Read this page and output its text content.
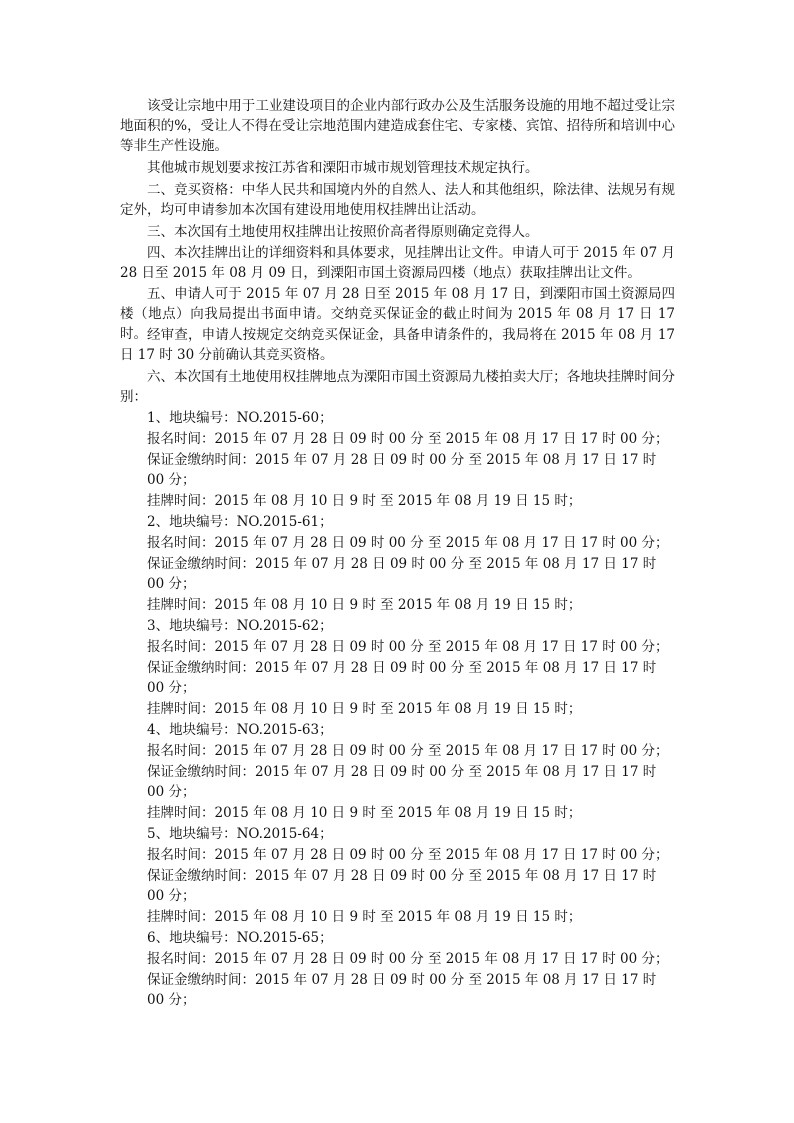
该受让宗地中用于工业建设项目的企业内部行政办公及生活服务设施的用地不超过受让宗地面积的%，受让人不得在受让宗地范围内建造成套住宅、专家楼、宾馆、招待所和培训中心等非生产性设施。

其他城市规划要求按江苏省和溧阳市城市规划管理技术规定执行。

二、竞买资格：中华人民共和国境内外的自然人、法人和其他组织，除法律、法规另有规定外，均可申请参加本次国有建设用地使用权挂牌出让活动。

三、本次国有土地使用权挂牌出让按照价高者得原则确定竞得人。

四、本次挂牌出让的详细资料和具体要求，见挂牌出让文件。申请人可于 2015 年 07 月 28 日至 2015 年 08 月 09 日，到溧阳市国土资源局四楼（地点）获取挂牌出让文件。

五、申请人可于 2015 年 07 月 28 日至 2015 年 08 月 17 日，到溧阳市国土资源局四楼（地点）向我局提出书面申请。交纳竞买保证金的截止时间为 2015 年 08 月 17 日 17 时。 经审查，申请人按规定交纳竞买保证金，具备申请条件的，我局将在 2015 年 08 月 17 日 17 时 30 分前确认其竞买资格。

六、本次国有土地使用权挂牌地点为溧阳市国土资源局九楼拍卖大厅；各地块挂牌时间分别：

1、地块编号：NO.2015-60；

报名时间：2015 年 07 月 28 日 09 时 00 分 至 2015 年 08 月 17 日 17 时 00 分；

保证金缴纳时间：2015 年 07 月 28 日 09 时 00 分 至 2015 年 08 月 17 日 17 时 00 分；

挂牌时间：2015 年 08 月 10 日 9 时 至 2015 年 08 月 19 日 15 时；

2、地块编号：NO.2015-61；

报名时间：2015 年 07 月 28 日 09 时 00 分 至 2015 年 08 月 17 日 17 时 00 分；

保证金缴纳时间：2015 年 07 月 28 日 09 时 00 分 至 2015 年 08 月 17 日 17 时 00 分；

挂牌时间：2015 年 08 月 10 日 9 时 至 2015 年 08 月 19 日 15 时；

3、地块编号：NO.2015-62；

报名时间：2015 年 07 月 28 日 09 时 00 分 至 2015 年 08 月 17 日 17 时 00 分；

保证金缴纳时间：2015 年 07 月 28 日 09 时 00 分 至 2015 年 08 月 17 日 17 时 00 分；

挂牌时间：2015 年 08 月 10 日 9 时 至 2015 年 08 月 19 日 15 时；

4、地块编号：NO.2015-63；

报名时间：2015 年 07 月 28 日 09 时 00 分 至 2015 年 08 月 17 日 17 时 00 分；

保证金缴纳时间：2015 年 07 月 28 日 09 时 00 分 至 2015 年 08 月 17 日 17 时 00 分；

挂牌时间：2015 年 08 月 10 日 9 时 至 2015 年 08 月 19 日 15 时；

5、地块编号：NO.2015-64；

报名时间：2015 年 07 月 28 日 09 时 00 分 至 2015 年 08 月 17 日 17 时 00 分；

保证金缴纳时间：2015 年 07 月 28 日 09 时 00 分 至 2015 年 08 月 17 日 17 时 00 分；

挂牌时间：2015 年 08 月 10 日 9 时 至 2015 年 08 月 19 日 15 时；

6、地块编号：NO.2015-65；

报名时间：2015 年 07 月 28 日 09 时 00 分 至 2015 年 08 月 17 日 17 时 00 分；

保证金缴纳时间：2015 年 07 月 28 日 09 时 00 分 至 2015 年 08 月 17 日 17 时 00 分；
